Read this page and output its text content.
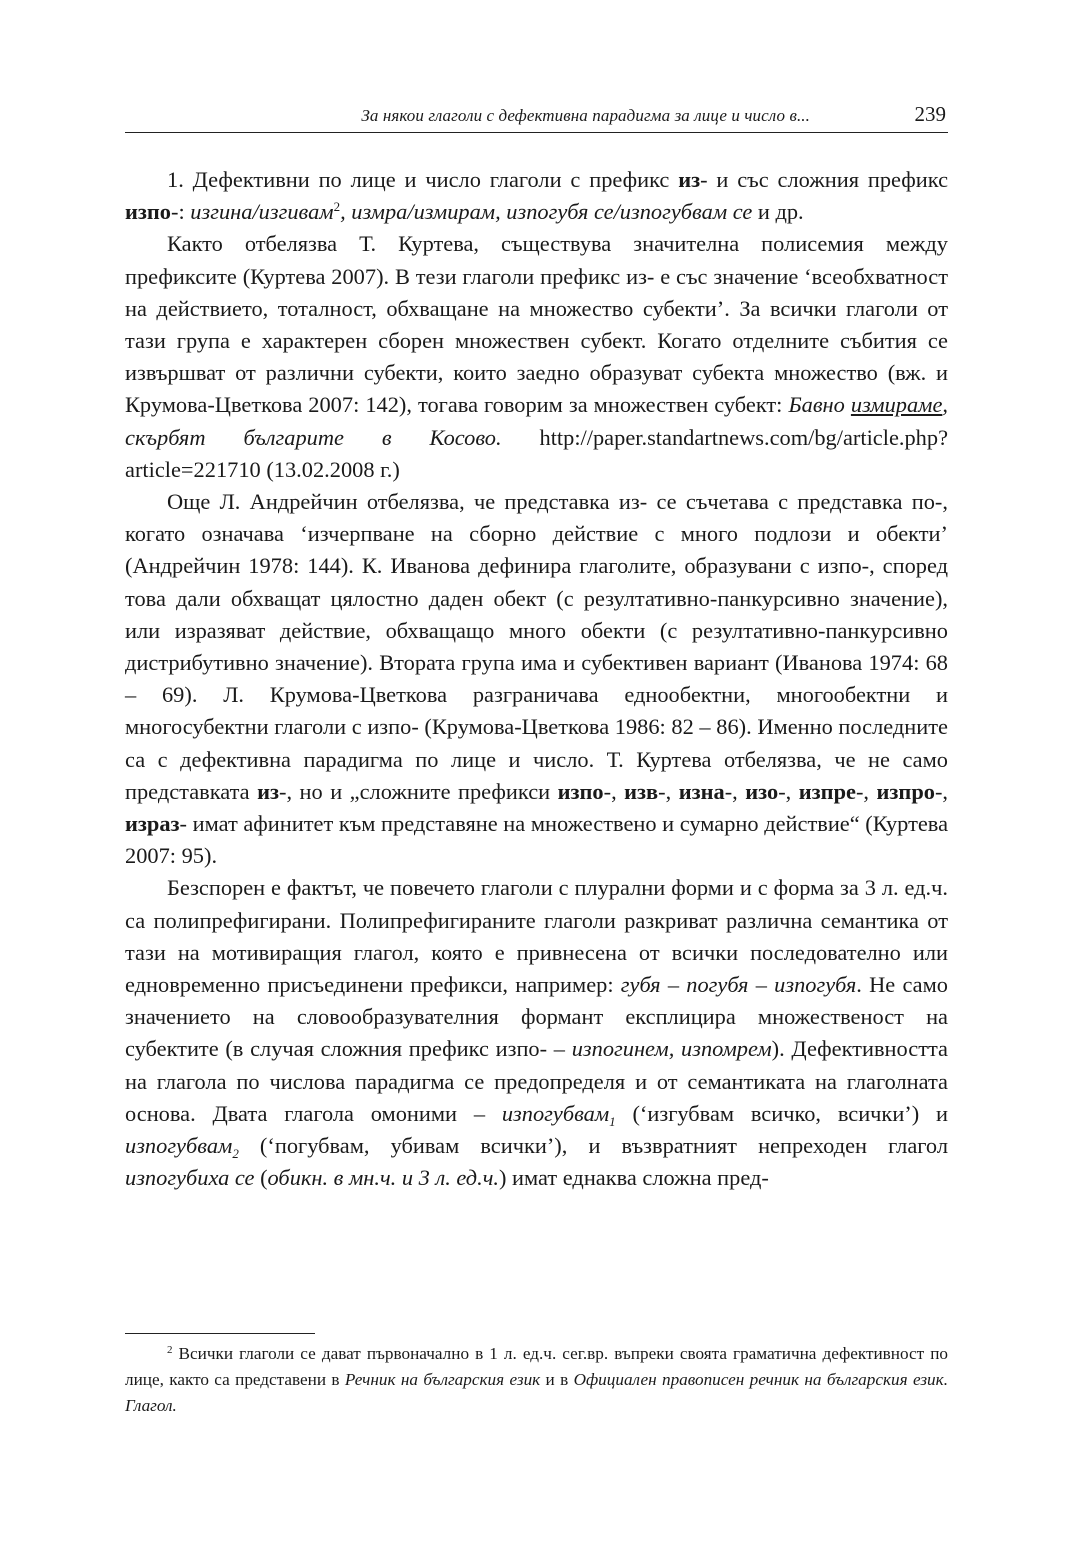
За някои глаголи с дефективна парадигма за лице и число в...	239

1. Дефективни по лице и число глаголи с префикс из- и със сложния префикс изпо-: изгина/изгивам$^2$, измра/измирам, изпогубя се/изпогубвам се и др.

Както отбелязва Т. Куртева, съществува значителна полисемия между префиксите (Куртева 2007). В тези глаголи префикс из- е със значение ‘всеобхватност на действието, тоталност, обхващане на множество субекти’. За всички глаголи от тази група е характерен сборен множествен субект. Когато отделните събития се извършват от различни субекти, които заедно образуват субекта множество (вж. и Крумова-Цветкова 2007: 142), тогава говорим за множествен субект: Бавно измираме, скърбят българите в Косово. http://paper.standartnews.com/bg/article.php?article=221710 (13.02.2008 г.)

Още Л. Андрейчин отбелязва, че представка из- се съчетава с представка по-, когато означава ‘изчерпване на сборно действие с много подлози и обекти’ (Андрейчин 1978: 144). К. Иванова дефинира глаголите, образувани с изпо-, според това дали обхващат цялостно даден обект (с резултативно-панкурсивно значение), или изразяват действие, обхващащо много обекти (с резултативно-панкурсивно дистрибутивно значение). Втората група има и субективен вариант (Иванова 1974: 68 – 69). Л. Крумова-Цветкова разграничава еднообектни, многообектни и многосубектни глаголи с изпо- (Крумова-Цветкова 1986: 82 – 86). Именно последните са с дефективна парадигма по лице и число. Т. Куртева отбелязва, че не само представката из-, но и „сложните префикси изпо-, изв-, изна-, изо-, изпре-, изпро-, израз- имат афинитет към представяне на множествено и сумарно действие“ (Куртева 2007: 95).

Безспорен е фактът, че повечето глаголи с плурални форми и с форма за 3 л. ед.ч. са полипрефигирани. Полипрефигираните глаголи разкриват различна семантика от тази на мотивиращия глагол, която е привнесена от всички последователно или едновременно присъединени префикси, например: губя – погубя – изпогубя. Не само значението на словообразувателния формант експлицира множественост на субектите (в случая сложния префикс изпо- – изпогинем, изпомрем). Дефективността на глагола по числова парадигма се предопределя и от семантиката на глаголната основа. Двата глагола омоними – изпогубвам$_1$ (‘изгубвам всичко, всички’) и изпогубвам$_2$ (‘погубвам, убивам всички’), и възвратният непреходен глагол изпогубиха се (обикн. в мн.ч. и 3 л. ед.ч.) имат еднаква сложна пред-

$^2$ Всички глаголи се дават първоначално в 1 л. ед.ч. сег.вр. въпреки своята граматична дефективност по лице, както са представени в Речник на българския език и в Официален правописен речник на българския език. Глагол.
